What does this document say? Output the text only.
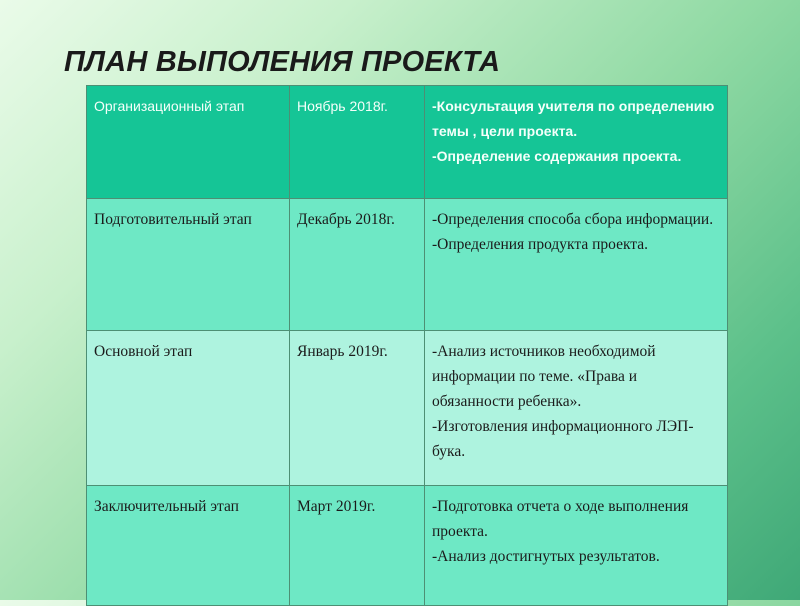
ПЛАН ВЫПОЛЕНИЯ ПРОЕКТА
Организационный этап	Ноябрь 2018г.	-Консультация учителя по определению темы , цели проекта.
-Определение содержания проекта.

Подготовительный этап	Декабрь 2018г.	-Определения способа сбора информации.
-Определения продукта проекта.

Основной этап	Январь 2019г.	-Анализ источников необходимой информации по теме. «Права и обязанности ребенка».
-Изготовления информационного ЛЭП-бука.

Заключительный этап	Март 2019г.	-Подготовка отчета о ходе выполнения проекта.
-Анализ достигнутых результатов.
